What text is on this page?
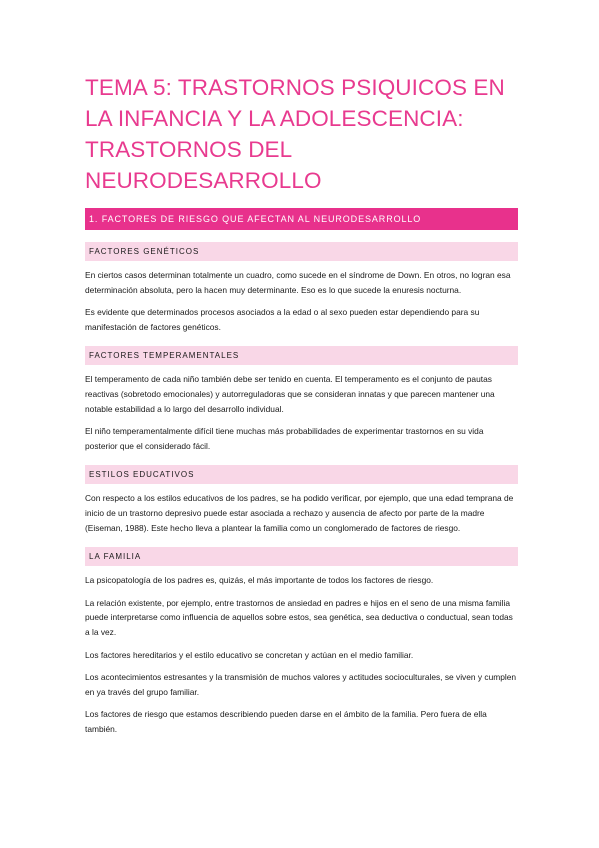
TEMA 5: TRASTORNOS PSIQUICOS EN
LA INFANCIA Y LA ADOLESCENCIA:
TRASTORNOS DEL NEURODESARROLLO
1. FACTORES DE RIESGO QUE AFECTAN AL NEURODESARROLLO
FACTORES GENÉTICOS

En ciertos casos determinan totalmente un cuadro, como sucede en el síndrome de Down. En otros, no logran esa determinación absoluta, pero la hacen muy determinante. Eso es lo que sucede la enuresis nocturna.

Es evidente que determinados procesos asociados a la edad o al sexo pueden estar dependiendo para su manifestación de factores genéticos.

FACTORES TEMPERAMENTALES

El temperamento de cada niño también debe ser tenido en cuenta. El temperamento es el conjunto de pautas reactivas (sobretodo emocionales) y autorreguladoras que se consideran innatas y que parecen mantener una notable estabilidad a lo largo del desarrollo individual.

El niño temperamentalmente difícil tiene muchas más probabilidades de experimentar trastornos en su vida posterior que el considerado fácil.

ESTILOS EDUCATIVOS

Con respecto a los estilos educativos de los padres, se ha podido verificar, por ejemplo, que una edad temprana de inicio de un trastorno depresivo puede estar asociada a rechazo y ausencia de afecto por parte de la madre (Eiseman, 1988). Este hecho lleva a plantear la familia como un conglomerado de factores de riesgo.

LA FAMILIA

La psicopatología de los padres es, quizás, el más importante de todos los factores de riesgo.

La relación existente, por ejemplo, entre trastornos de ansiedad en padres e hijos en el seno de una misma familia puede interpretarse como influencia de aquellos sobre estos, sea genética, sea deductiva o conductual, sean todas a la vez.

Los factores hereditarios y el estilo educativo se concretan y actúan en el medio familiar.

Los acontecimientos estresantes y la transmisión de muchos valores y actitudes socioculturales, se viven y cumplen en ya través del grupo familiar.

Los factores de riesgo que estamos describiendo pueden darse en el ámbito de la familia. Pero fuera de ella también.
